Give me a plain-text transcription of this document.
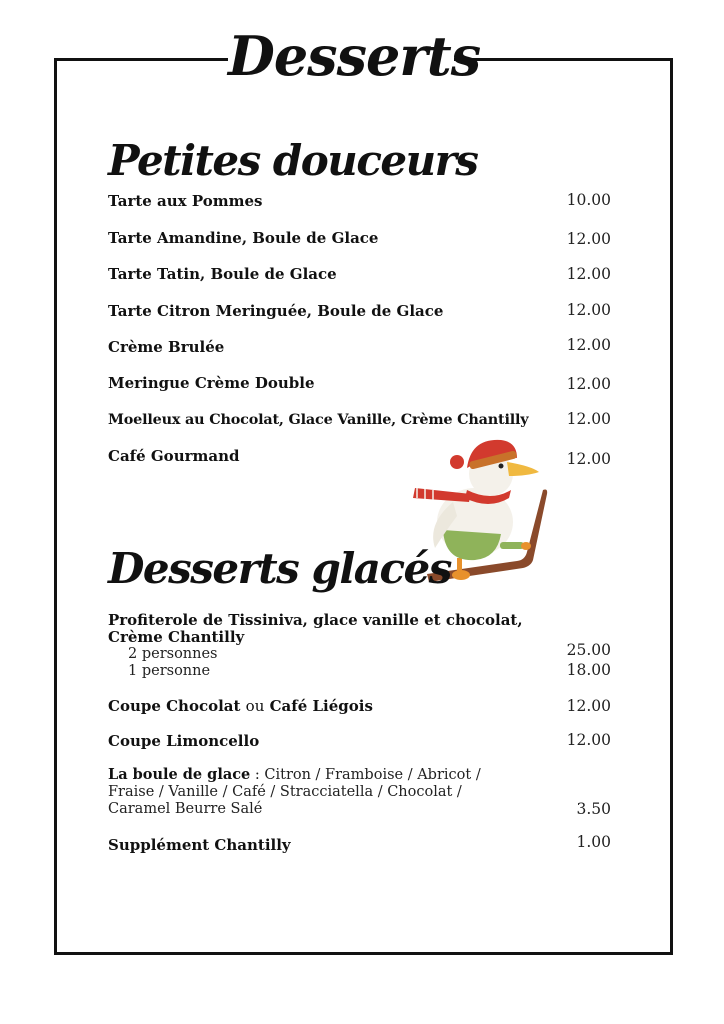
Desserts
Petites douceurs
Tarte aux Pommes	10.00
Tarte Amandine, Boule de Glace	12.00
Tarte Tatin, Boule de Glace	12.00
Tarte Citron Meringuée, Boule de Glace	12.00
Crème Brulée	12.00
Meringue Crème Double	12.00
Moelleux au Chocolat, Glace Vanille, Crème Chantilly	12.00
Café Gourmand	12.00
Desserts glacés
Profiterole de Tissiniva, glace vanille et chocolat,
Crème Chantilly
2 personnes	25.00
1 personne	18.00
Coupe Chocolat ou Café Liégois	12.00
Coupe Limoncello	12.00
La boule de glace : Citron / Framboise / Abricot /
Fraise / Vanille / Café / Stracciatella / Chocolat /
Caramel Beurre Salé	3.50
Supplément Chantilly	1.00
